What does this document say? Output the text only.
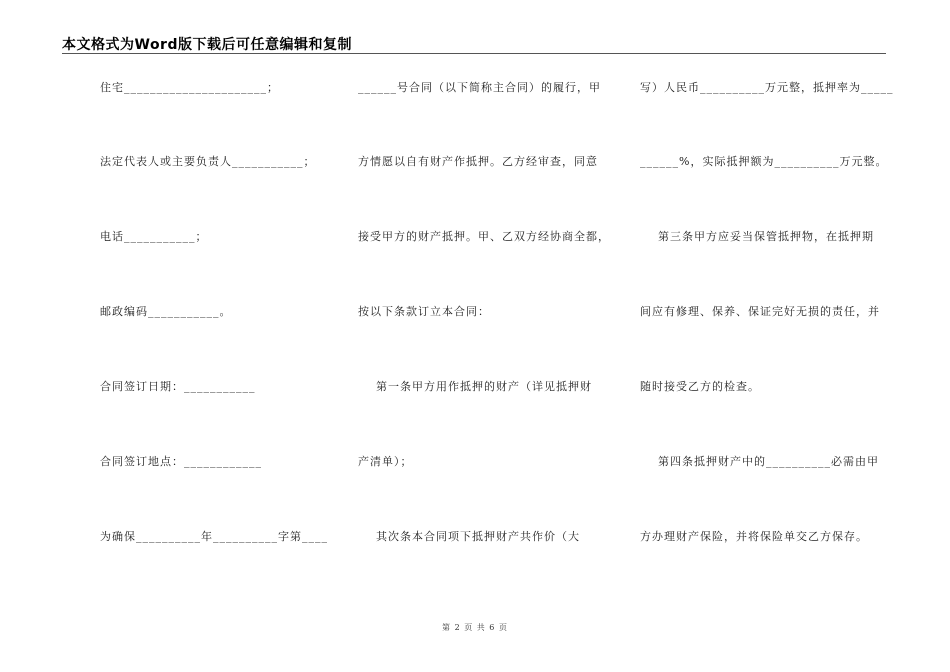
本文格式为Word版下载后可任意编辑和复制
住宅______________________；
法定代表人或主要负责人___________；
电话___________；
邮政编码___________。
合同签订日期：___________
合同签订地点：____________
为确保__________年__________字第____
______号合同（以下简称主合同）的履行，甲
方情愿以自有财产作抵押。乙方经审查，同意
接受甲方的财产抵押。甲、乙双方经协商全都，
按以下条款订立本合同：
第一条甲方用作抵押的财产（详见抵押财
产清单）；
其次条本合同项下抵押财产共作价（大
写）人民币__________万元整，抵押率为_____
______%，实际抵押额为__________万元整。
第三条甲方应妥当保管抵押物，在抵押期
间应有修理、保养、保证完好无损的责任，并
随时接受乙方的检查。
第四条抵押财产中的__________必需由甲
方办理财产保险，并将保险单交乙方保存。
第 2 页 共 6 页
